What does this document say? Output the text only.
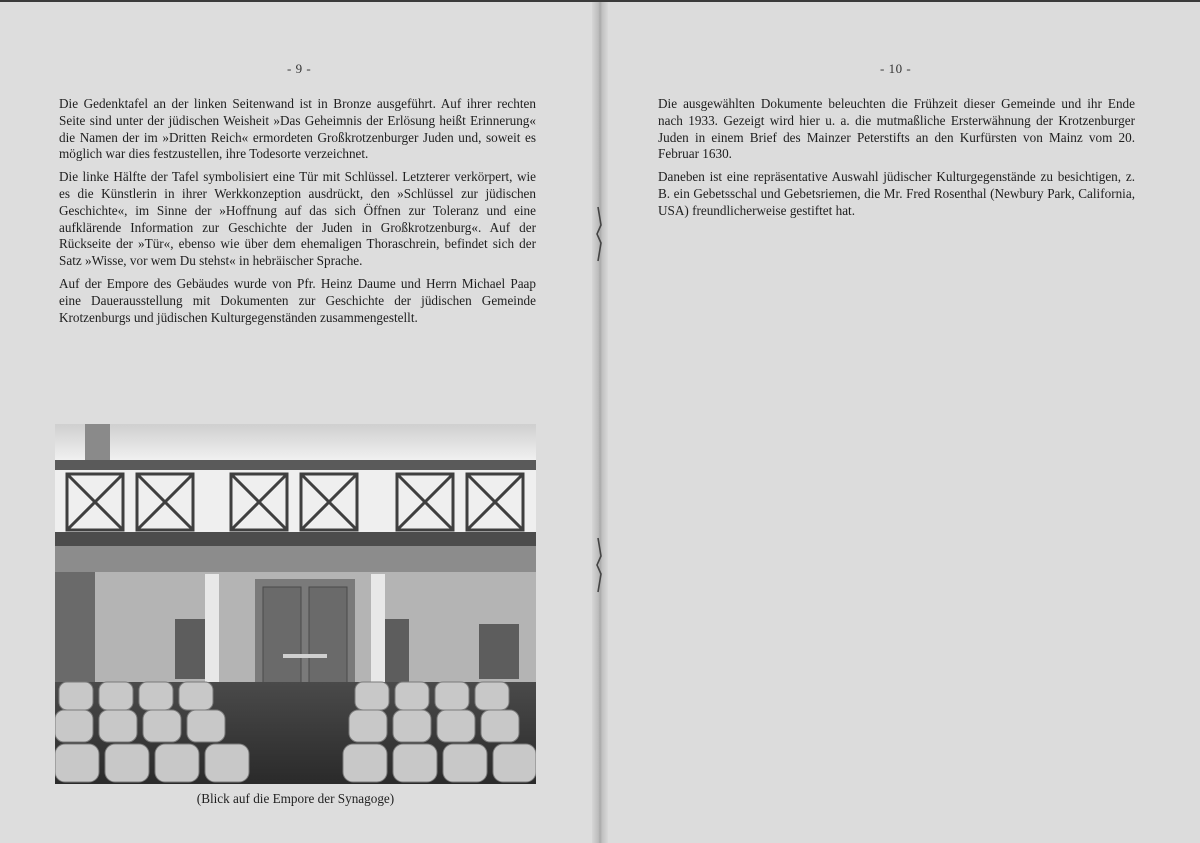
- 9 -

Die Gedenktafel an der linken Seitenwand ist in Bronze ausgeführt. Auf ihrer rechten Seite sind unter der jüdischen Weisheit »Das Geheimnis der Erlösung heißt Erinnerung« die Namen der im »Dritten Reich« ermordeten Großkrotzenburger Juden und, soweit es möglich war dies festzustellen, ihre Todesorte verzeichnet.

Die linke Hälfte der Tafel symbolisiert eine Tür mit Schlüssel. Letzterer verkörpert, wie es die Künstlerin in ihrer Werkkonzeption ausdrückt, den »Schlüssel zur jüdischen Geschichte«, im Sinne der »Hoffnung auf das sich Öffnen zur Toleranz und eine aufklärende Information zur Geschichte der Juden in Großkrotzenburg«. Auf der Rückseite der »Tür«, ebenso wie über dem ehemaligen Thoraschrein, befindet sich der Satz »Wisse, vor wem Du stehst« in hebräischer Sprache.

Auf der Empore des Gebäudes wurde von Pfr. Heinz Daume und Herrn Michael Paap eine Dauerausstellung mit Dokumenten zur Geschichte der jüdischen Gemeinde Krotzenburgs und jüdischen Kulturgegenständen zusammengestellt.

(Blick auf die Empore der Synagoge)
- 10 -

Die ausgewählten Dokumente beleuchten die Frühzeit dieser Gemeinde und ihr Ende nach 1933. Gezeigt wird hier u. a. die mutmaßliche Ersterwähnung der Krotzenburger Juden in einem Brief des Mainzer Peterstifts an den Kurfürsten von Mainz vom 20. Februar 1630.

Daneben ist eine repräsentative Auswahl jüdischer Kulturgegenstände zu besichtigen, z. B. ein Gebetsschal und Gebetsriemen, die Mr. Fred Rosenthal (Newbury Park, California, USA) freundlicherweise gestiftet hat.
